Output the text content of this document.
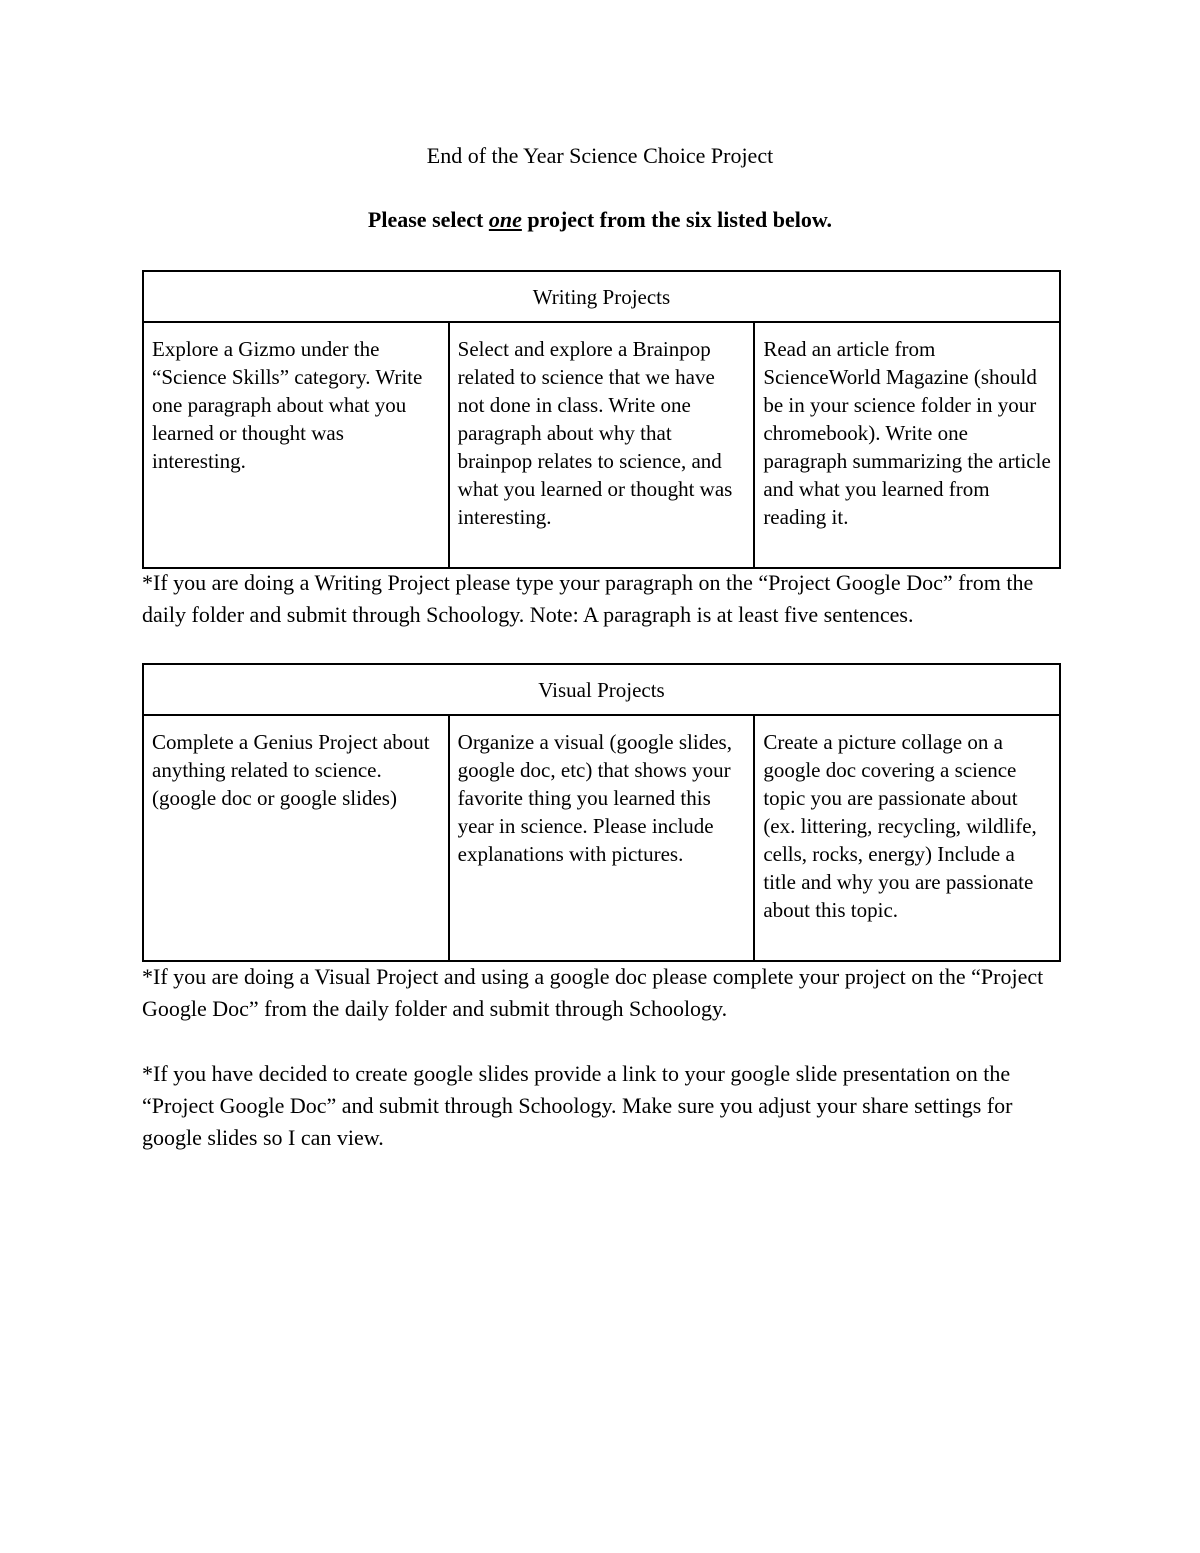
End of the Year Science Choice Project
Please select one project from the six listed below.
Writing Projects
Explore a Gizmo under the “Science Skills” category. Write one paragraph about what you learned or thought was interesting.	Select and explore a Brainpop related to science that we have not done in class. Write one paragraph about why that brainpop relates to science, and what you learned or thought was interesting.	Read an article from ScienceWorld Magazine (should be in your science folder in your chromebook). Write one paragraph summarizing the article and what you learned from reading it.
*If you are doing a Writing Project please type your paragraph on the “Project Google Doc” from the daily folder and submit through Schoology. Note: A paragraph is at least five sentences.
Visual Projects
Complete a Genius Project about anything related to science. (google doc or google slides)	Organize a visual (google slides, google doc, etc) that shows your favorite thing you learned this year in science. Please include explanations with pictures.	Create a picture collage on a google doc covering a science topic you are passionate about (ex. littering, recycling, wildlife, cells, rocks, energy) Include a title and why you are passionate about this topic.
*If you are doing a Visual Project and using a google doc please complete your project on the “Project Google Doc” from the daily folder and submit through Schoology.
*If you have decided to create google slides provide a link to your google slide presentation on the “Project Google Doc” and submit through Schoology. Make sure you adjust your share settings for google slides so I can view.
